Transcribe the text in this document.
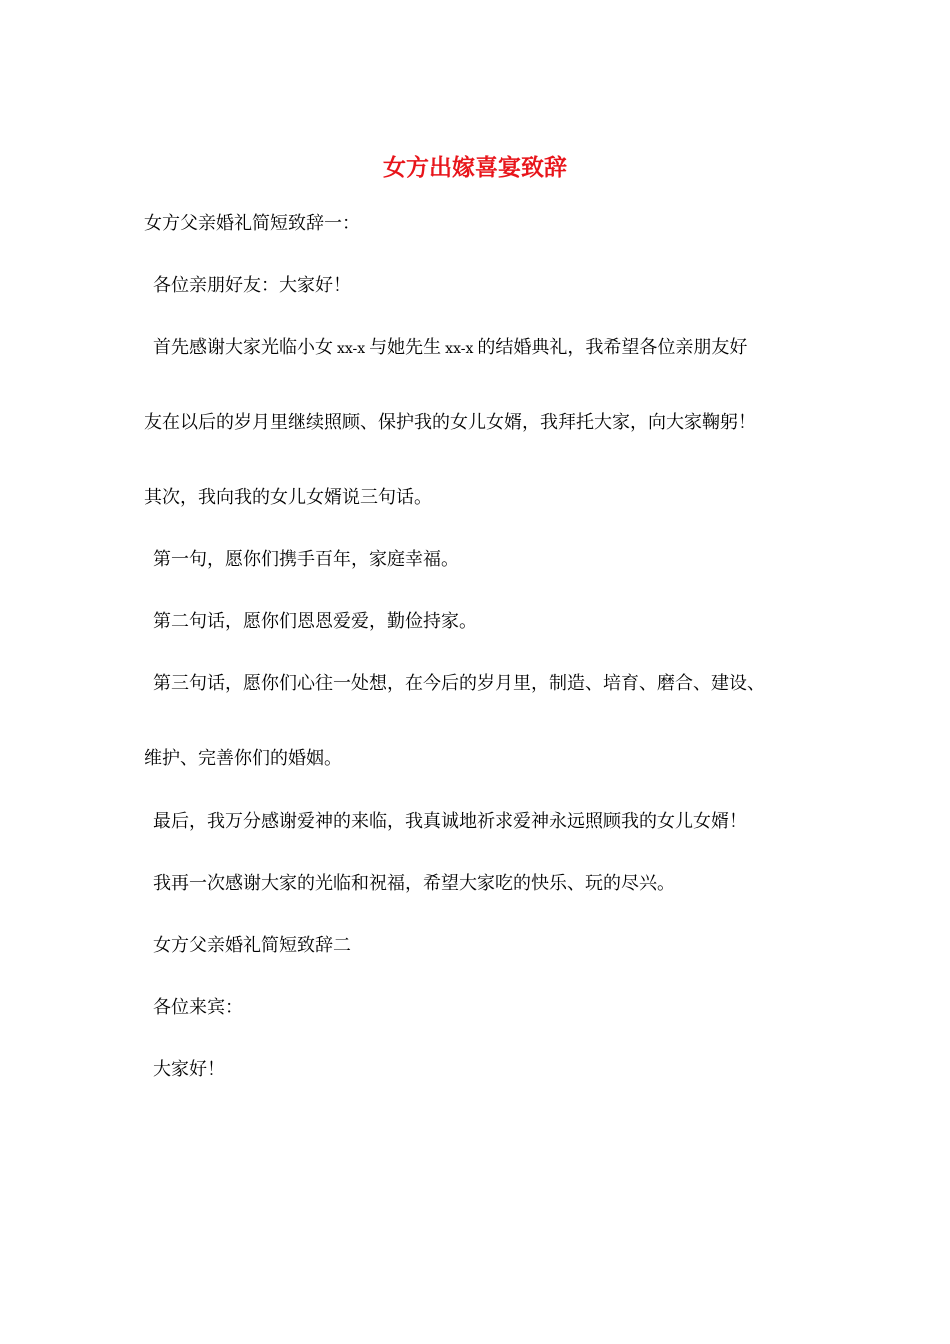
女方出嫁喜宴致辞
女方父亲婚礼简短致辞一：
各位亲朋好友：大家好！
首先感谢大家光临小女 xx-x 与她先生 xx-x 的结婚典礼，我希望各位亲朋友好
友在以后的岁月里继续照顾、保护我的女儿女婿，我拜托大家，向大家鞠躬！
其次，我向我的女儿女婿说三句话。
第一句，愿你们携手百年，家庭幸福。
第二句话，愿你们恩恩爱爱，勤俭持家。
第三句话，愿你们心往一处想，在今后的岁月里，制造、培育、磨合、建设、
维护、完善你们的婚姻。
最后，我万分感谢爱神的来临，我真诚地祈求爱神永远照顾我的女儿女婿！
我再一次感谢大家的光临和祝福，希望大家吃的快乐、玩的尽兴。
女方父亲婚礼简短致辞二
各位来宾：
大家好！
